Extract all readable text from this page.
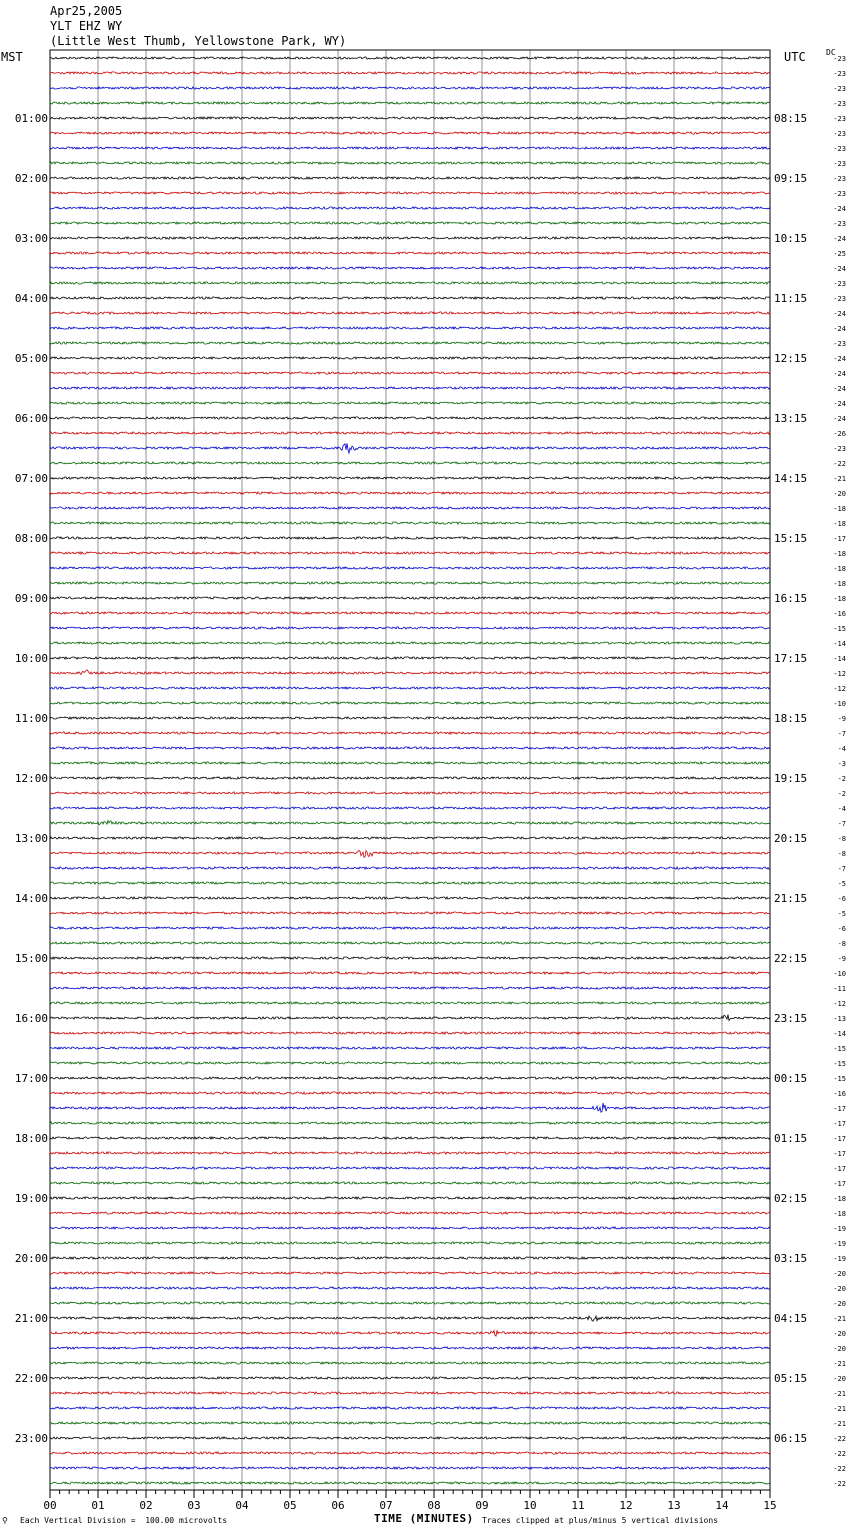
Apr25,2005
YLT EHZ WY
(Little West Thumb, Yellowstone Park, WY)
MST	UTC	DC
-23
-23
-23
-23
-23
-23
-23
-23
-23
-23
-24
-23
-24
-25
-24
-23
-23
-24
-24
-23
-24
-24
-24
-24
-24
-26
-23
-22
-21
-20
-18
-18
-17
-18
-18
-18
-18
-16
-15
-14
-14
-12
-12
-10
-9
-7
-4
-3
-2
-2
-4
-7
-8
-8
-7
-5
-6
-5
-6
-8
-9
-10
-11
-12
-13
-14
-15
-15
-15
-16
-17
-17
-17
-17
-17
-17
-18
-18
-19
-19
-19
-20
-20
-20
-21
-20
-20
-21
-20
-21
-21
-21
-22
-22
-22
-22
01:00
02:00
03:00
04:00
05:00
06:00
07:00
08:00
09:00
10:00
11:00
12:00
13:00
14:00
15:00
16:00
17:00
18:00
19:00
20:00
21:00
22:00
23:00
08:15
09:15
10:15
11:15
12:15
13:15
14:15
15:15
16:15
17:15
18:15
19:15
20:15
21:15
22:15
23:15
00:15
01:15
02:15
03:15
04:15
05:15
06:15
00	01	02	03	04	05	06	07	08	09	10	11	12	13	14	15
⚲ Each Vertical Division =  100.00 microvolts	TIME (MINUTES) Traces clipped at plus/minus 5 vertical divisions
